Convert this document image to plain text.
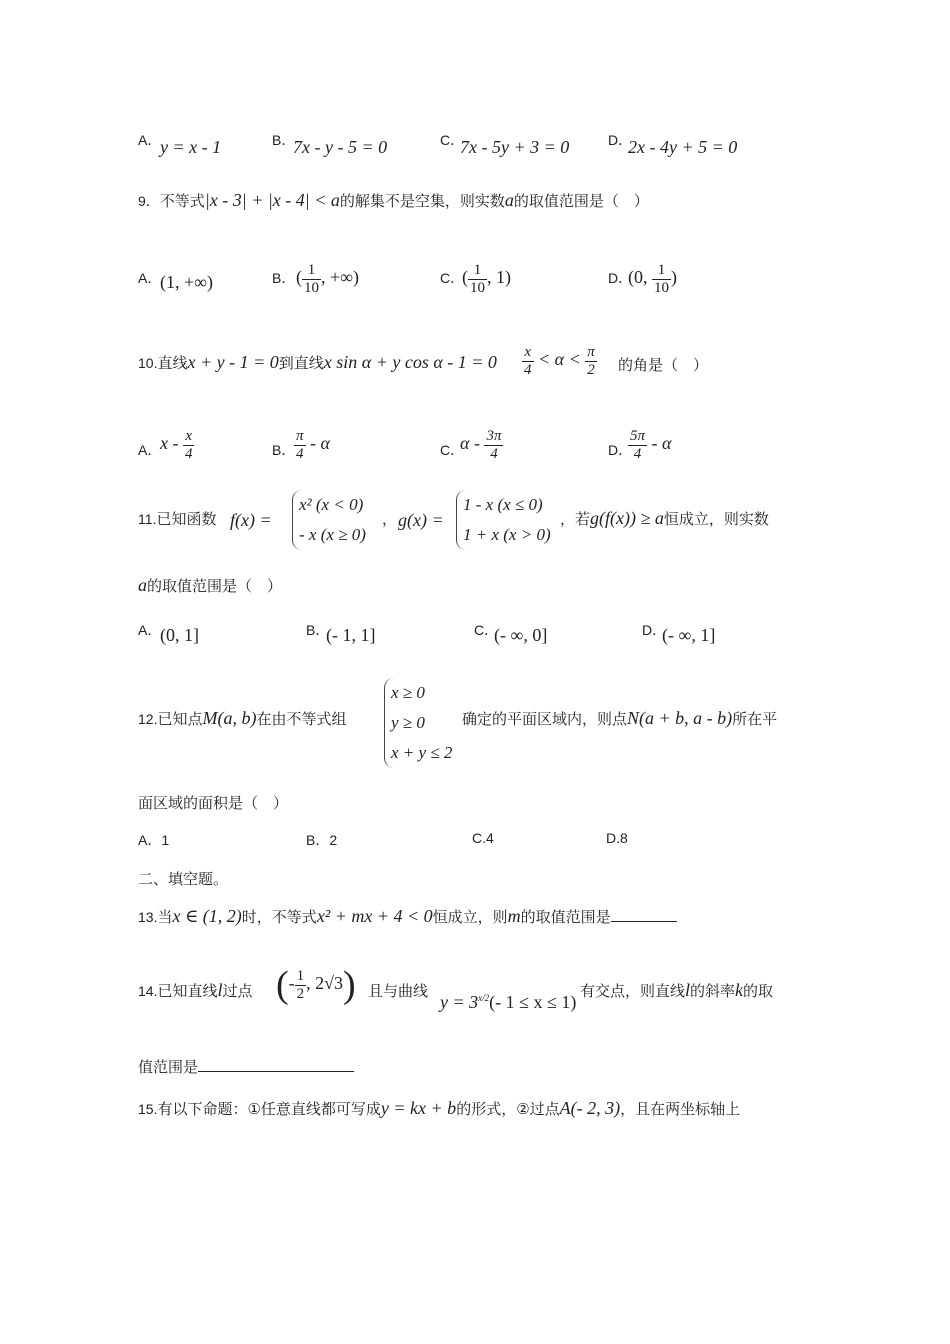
A．
y = x - 1	B．
7x - y - 5 = 0	C．
7x - 5y + 3 = 0	D．
2x - 4y + 5 = 0
9．不等式|x - 3| + |x - 4| < a的解集不是空集，则实数a的取值范围是（　）
A．
(1, +∞)	B． ( $\frac{1}{10}$ , +∞)	C．
( $\frac{1}{10}$ , 1)	D．
(0, $\frac{1}{10}$ )
10.直线x + y - 1 = 0到直线x sin α + y $\cos \alpha - 1 = 0 \frac{x}{4} < \alpha < \frac{\pi}{2}$ 的角是（　）
A．
x - $\frac{x}{4}$	B．
$\frac{\pi}{4}$ - α	C．
α - $\frac{3\pi}{4}$	D．
$\frac{5\pi}{4}$ - α
11.已知函数 f(x) =
x² (x < 0)
- x (x ≥ 0)
， g(x) =
1 - x (x ≤ 0)
1 + x (x > 0)
，若g(f(x)) ≥ a恒成立，则实数
a的取值范围是（　）
A．
(0, 1]	B．
(- 1, 1]	C．
(- ∞, 0]	D．
(- ∞, 1]
12.已知点M(a, b)在由不等式组
x ≥ 0
y ≥ 0
x + y ≤ 2
确定的平面区域内，则点N(a + b, a - b)所在平
面区域的面积是（　）
A．1	B．2	C.4	D.8
二、填空题。
13.当x ∈ (1, 2)时，不等式x² + mx + 4 < 0恒成立，则m的取值范围是
14.已知直线l过点 (- $\frac{1}{2}$ , 2√3) 且与曲线
$y = 3^{x/2}(-$ 1 ≤ x ≤ 1)
有交点，则直线l的斜率k的取
值范围是
15.有以下命题：①任意直线都可写成y = kx + b的形式，②过点A(- 2, 3)，且在两坐标轴上
